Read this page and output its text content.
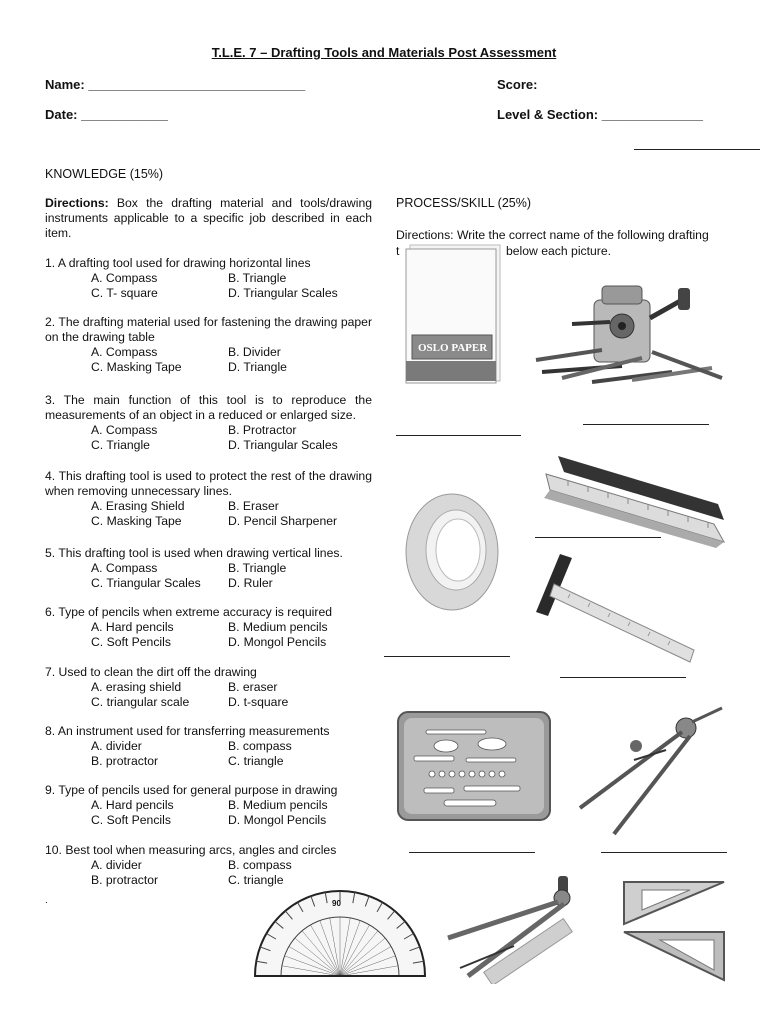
T.L.E. 7 – Drafting Tools and Materials Post Assessment
Name: ______________________________	Score:
Date: ____________	Level & Section: ______________
KNOWLEDGE (15%)
Directions: Box the drafting material and tools/drawing instruments applicable to a specific job described in each item.
1. A drafting tool used for drawing horizontal lines
A. Compass	B. Triangle
C. T- square	D. Triangular Scales
2. The drafting material used for fastening the drawing paper on the drawing table
A. Compass	B. Divider
C. Masking Tape	D. Triangle
3. The main function of this tool is to reproduce the measurements of an object in a reduced or enlarged size.
A. Compass	B. Protractor
C. Triangle	D. Triangular Scales
4. This drafting tool is used to protect the rest of the drawing when removing unnecessary lines.
A. Erasing Shield	B. Eraser
C. Masking Tape	D. Pencil Sharpener
5. This drafting tool is used when drawing vertical lines.
A. Compass	B. Triangle
C. Triangular Scales	D. Ruler
6. Type of pencils when extreme accuracy is required
A. Hard pencils	B. Medium pencils
C. Soft Pencils	D. Mongol Pencils
7. Used to clean the dirt off the drawing
A. erasing shield	B. eraser
C. triangular scale	D. t-square
8. An instrument used for transferring measurements
A. divider	B. compass
B. protractor	C. triangle
9. Type of pencils used for general purpose in drawing
A. Hard pencils	B. Medium pencils
C. Soft Pencils	D. Mongol Pencils
10. Best tool when measuring arcs, angles and circles
A. divider	B. compass
B. protractor	C. triangle
.
PROCESS/SKILL (25%)
Directions: Write the correct name of the following drafting
t	below each picture.
OSLO PAPER
90
